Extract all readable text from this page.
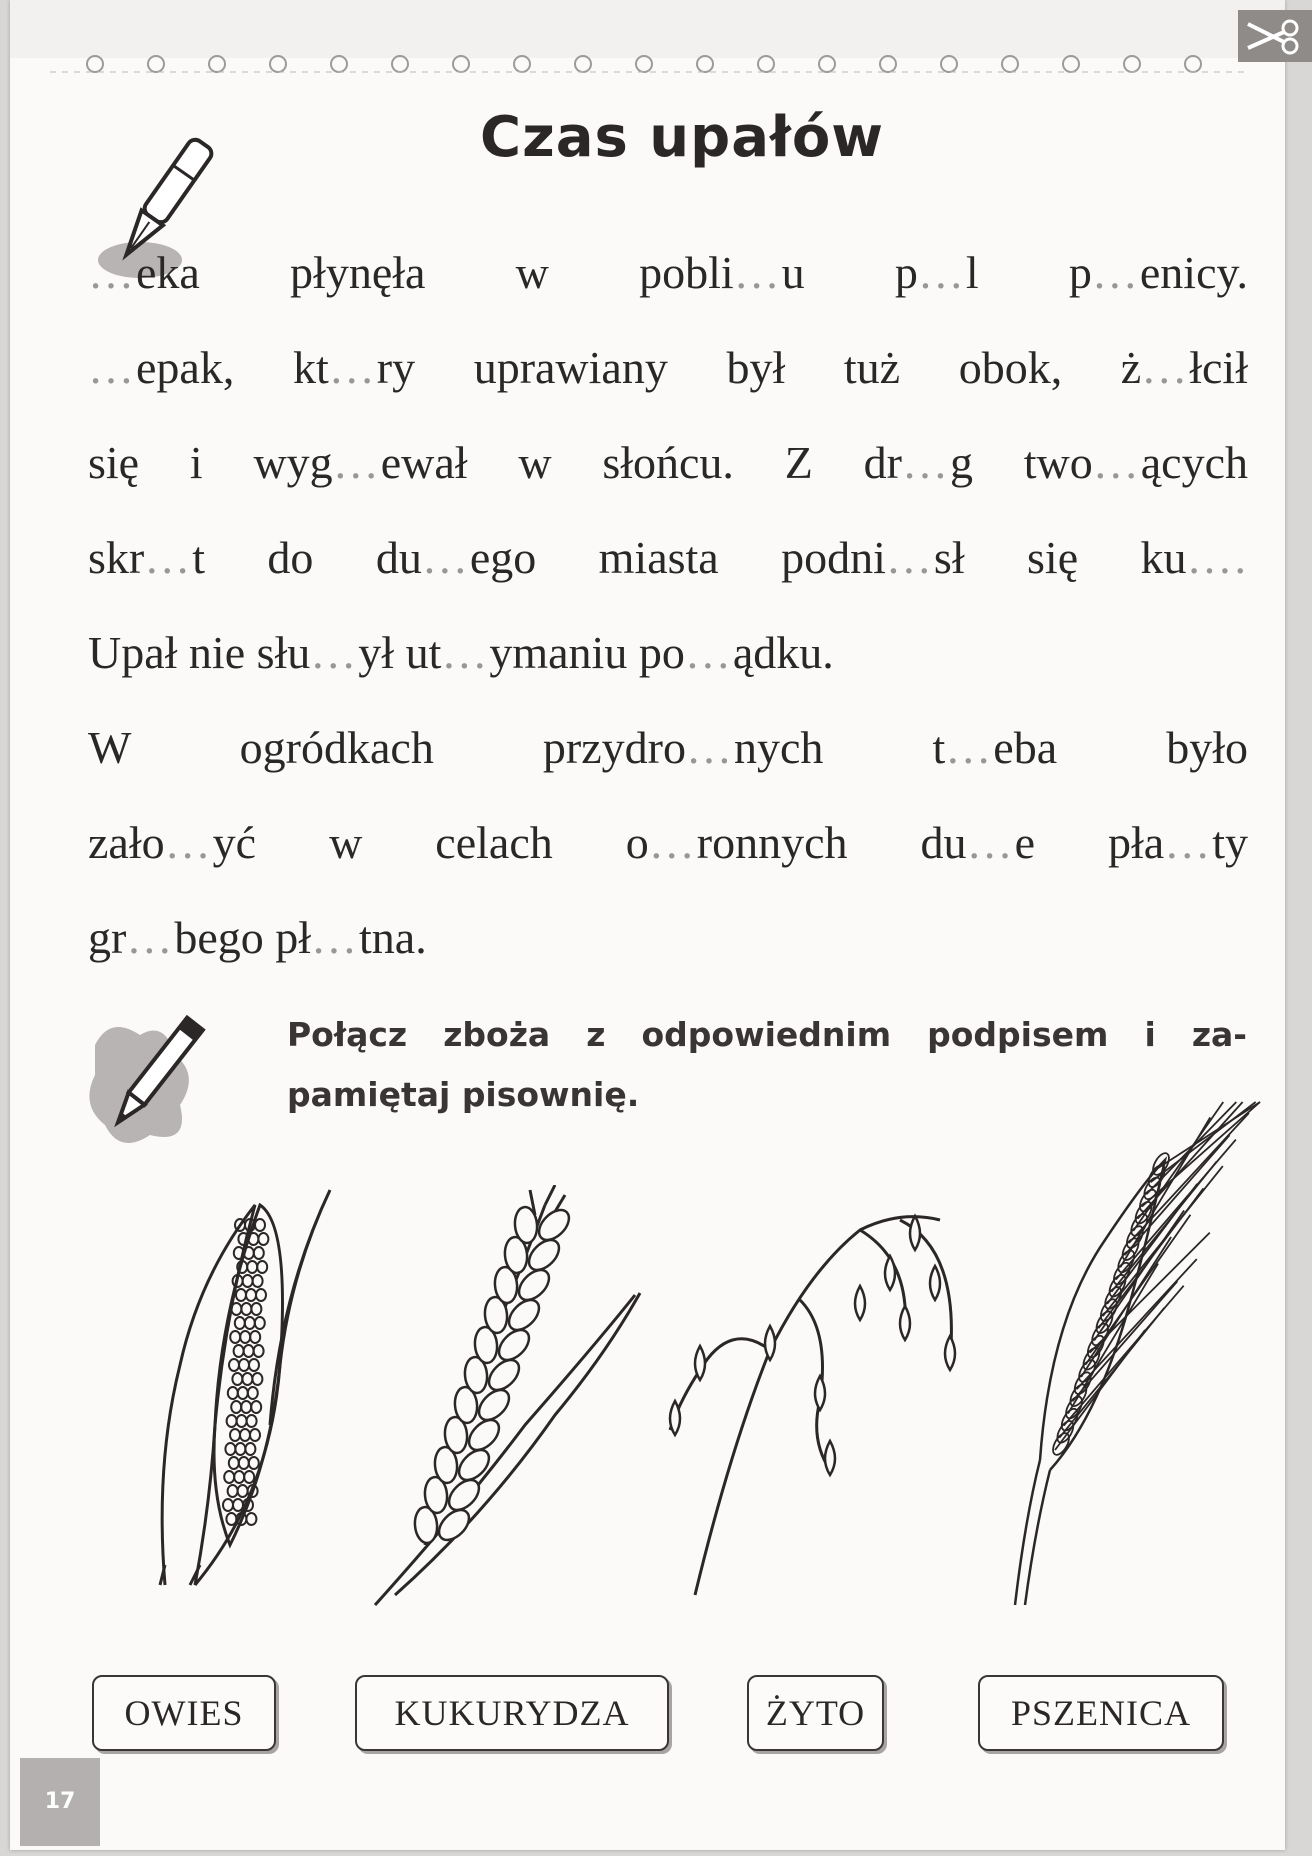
Czas upałów
…eka płynęła w pobli…u p…l p…enicy.
…epak, kt…ry uprawiany był tuż obok, ż…łcił
się i wyg…ewał w słońcu. Z dr…g two…ących
skr…t do du…ego miasta podni…sł się ku….
Upał nie słu…ył ut…ymaniu po…ądku.
W ogródkach przydro…nych t…eba było
zało…yć w celach o…ronnych du…e pła…ty
gr…bego pł…tna.
Połącz zboża z odpowiednim podpisem i za-

pamiętaj pisownię.
OWIES	KUKURYDZA	ŻYTO	PSZENICA
17
